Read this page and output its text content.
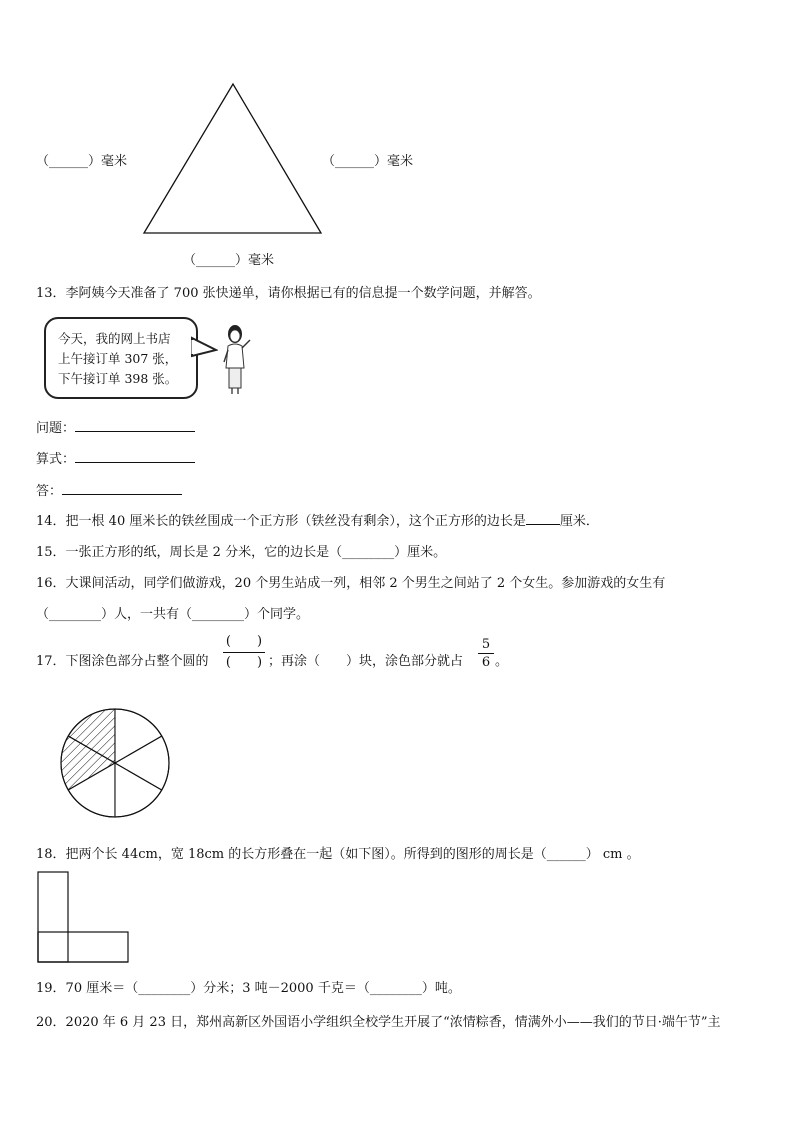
（______）毫米	（______）毫米
（______）毫米
13．李阿姨今天准备了 700 张快递单，请你根据已有的信息提一个数学问题，并解答。
今天，我的网上书店
上午接订单 307 张，
下午接订单 398 张。
问题：
算式：
答：
14．把一根 40 厘米长的铁丝围成一个正方形（铁丝没有剩余），这个正方形的边长是	厘米．
15．一张正方形的纸，周长是 2 分米，它的边长是（________）厘米。
16．大课间活动，同学们做游戏，20 个男生站成一列，相邻 2 个男生之间站了 2 个女生。参加游戏的女生有
（________）人，一共有（________）个同学。
17．下图涂色部分占整个圆的
(　　)
(　　) ；再涂（　　）块，涂色部分就占
5
6 。
18．把两个长 44cm，宽 18cm 的长方形叠在一起（如下图）。所得到的图形的周长是（______） cm 。
19．70 厘米＝（________）分米；3 吨－2000 千克＝（________）吨。
20．2020 年 6 月 23 日，郑州高新区外国语小学组织全校学生开展了“浓情粽香，情满外小——我们的节日·端午节”主
